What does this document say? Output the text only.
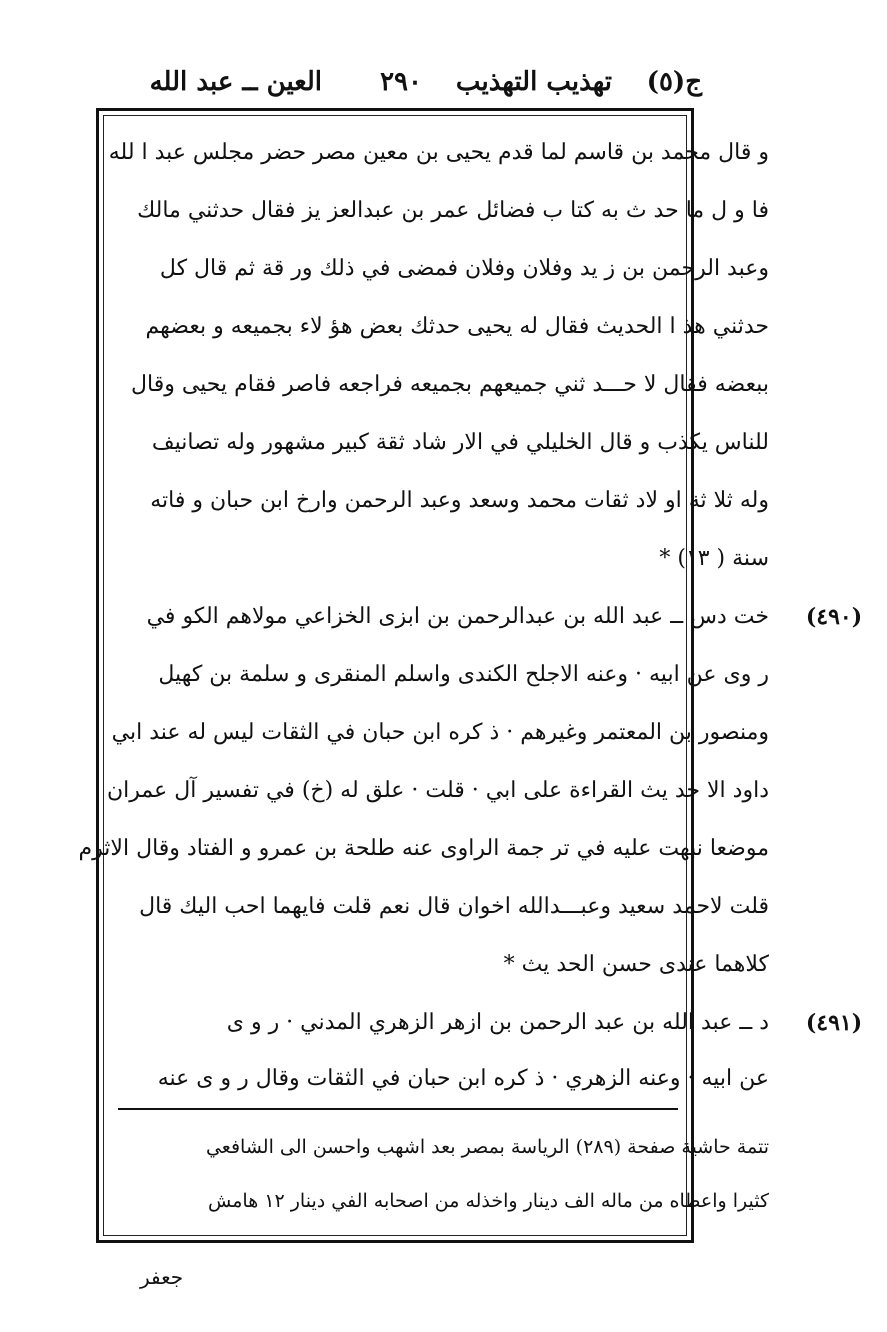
ج(٥)
تهذيب التهذيب
٢٩٠
العين ــ عبد الله
و قال محمد بن قاسم لما قدم يحيى بن معين مصر حضر مجلس عبد ا لله
فا و ل ما حد ث به كتا ب فضائل عمر بن عبدالعز يز فقال حدثني مالك
وعبد الرحمن بن ز يد وفلان وفلان فمضى في ذلك ور قة ثم قال كل
حدثني هذ ا الحديث فقال له يحيى حدثك بعض هؤ لاء بجميعه و بعضهم
ببعضه فقال لا حـــد ثني جميعهم بجميعه فراجعه فاصر فقام يحيى وقال
للناس يكذب و قال الخليلي في الار شاد ثقة كبير مشهور وله تصانيف
وله ثلا ثة او لاد ثقات محمد وسعد وعبد الرحمن وارخ ابن حبان و فاته
سنة ( ١٣) *
(٤٩٠)
خت دس ــ عبد الله بن عبدالرحمن بن ابزى الخزاعي مولاهم الكو في
ر وى عن ابيه · وعنه الاجلح الكندى واسلم المنقرى و سلمة بن كهيل
ومنصور بن المعتمر وغيرهم · ذ كره ابن حبان في الثقات ليس له عند ابي
داود الا حد يث القراءة على ابي · قلت · علق له (خ) في تفسير آل عمران
موضعا نبهت عليه في تر جمة الراوى عنه طلحة بن عمرو و الفتاد وقال الاثرم
قلت لاحمد سعيد وعبـــدالله اخوان قال نعم قلت فايهما احب اليك قال
كلاهما عندى حسن الحد يث *
(٤٩١)
د ــ عبد الله بن عبد الرحمن بن ازهر الزهري المدني · ر و ى
عن ابيه · وعنه الزهري · ذ كره ابن حبان في الثقات وقال ر و ى عنه
تتمة حاشية صفحة (٢٨٩) الرياسة بمصر بعد اشهب واحسن الى الشافعي
كثيرا واعطاه من ماله الف دينار واخذله من اصحابه الفي دينار ١٢ هامش
جعفر
